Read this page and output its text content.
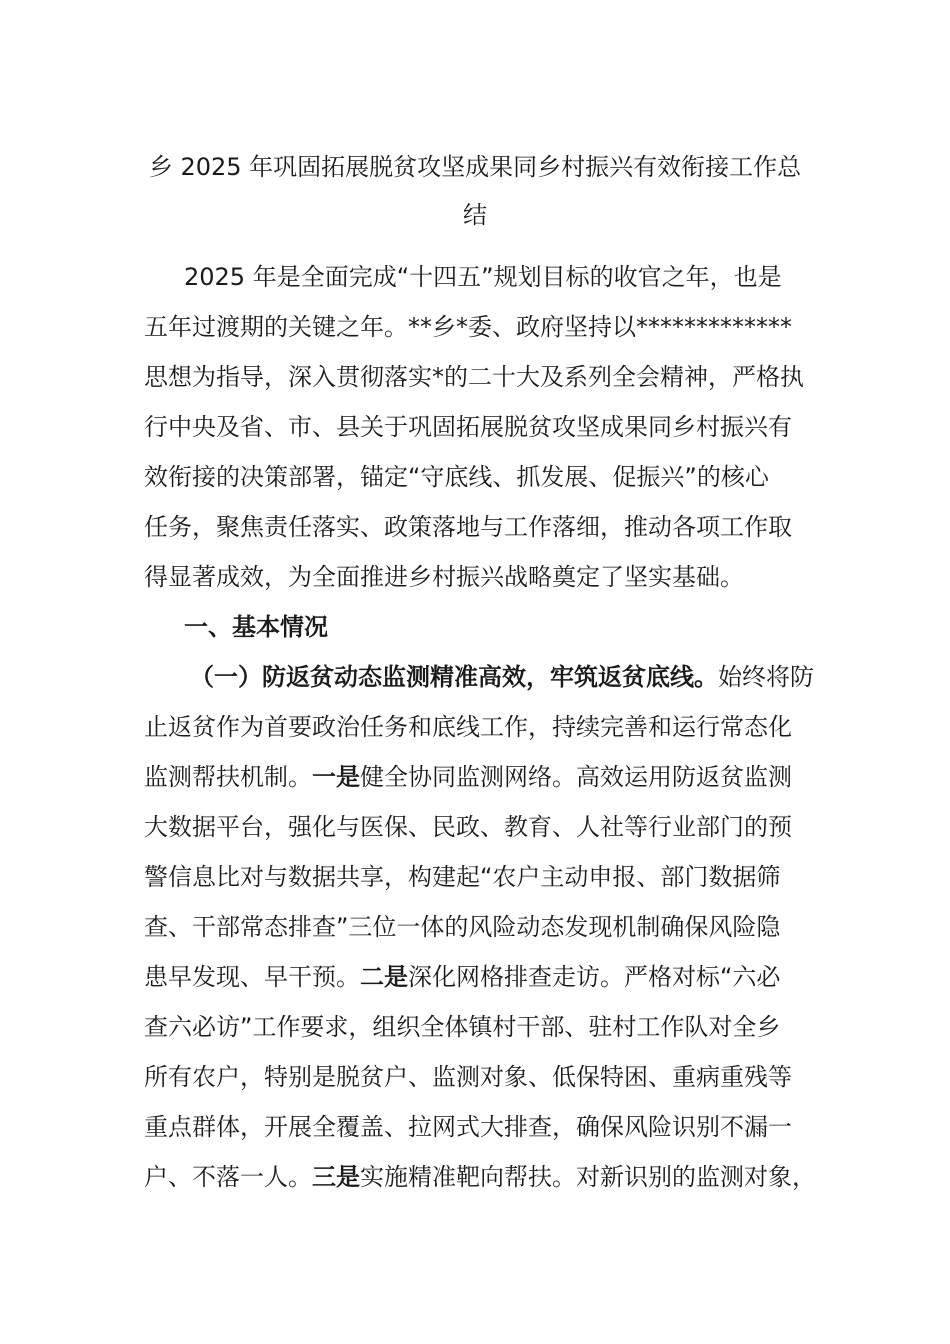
乡 2025 年巩固拓展脱贫攻坚成果同乡村振兴有效衔接工作总
结
2025 年是全面完成“十四五”规划目标的收官之年，也是
五年过渡期的关键之年。**乡*委、政府坚持以*************
思想为指导，深入贯彻落实*的二十大及系列全会精神，严格执
行中央及省、市、县关于巩固拓展脱贫攻坚成果同乡村振兴有
效衔接的决策部署，锚定“守底线、抓发展、促振兴”的核心
任务，聚焦责任落实、政策落地与工作落细，推动各项工作取
得显著成效，为全面推进乡村振兴战略奠定了坚实基础。
一、基本情况
（一）防返贫动态监测精准高效，牢筑返贫底线。始终将防
止返贫作为首要政治任务和底线工作，持续完善和运行常态化
监测帮扶机制。一是健全协同监测网络。高效运用防返贫监测
大数据平台，强化与医保、民政、教育、人社等行业部门的预
警信息比对与数据共享，构建起“农户主动申报、部门数据筛
查、干部常态排查”三位一体的风险动态发现机制确保风险隐
患早发现、早干预。二是深化网格排查走访。严格对标“六必
查六必访”工作要求，组织全体镇村干部、驻村工作队对全乡
所有农户，特别是脱贫户、监测对象、低保特困、重病重残等
重点群体，开展全覆盖、拉网式大排查，确保风险识别不漏一
户、不落一人。三是实施精准靶向帮扶。对新识别的监测对象，
